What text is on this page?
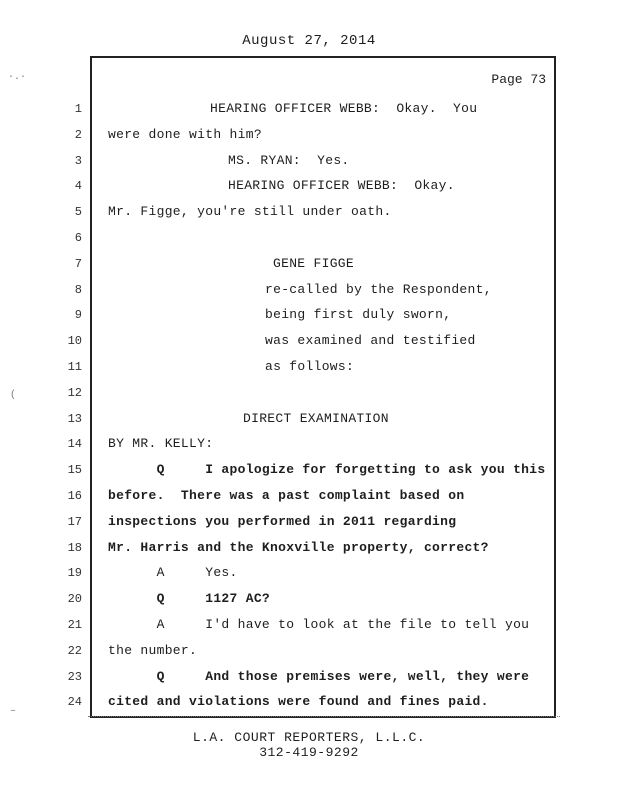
August 27, 2014
Page 73
1	HEARING OFFICER WEBB:  Okay.  You
2 were done with him?
3	MS. RYAN:  Yes.
4	HEARING OFFICER WEBB:  Okay.
5 Mr. Figge, you're still under oath.
6
7	GENE FIGGE
8	re-called by the Respondent,
9	being first duly sworn,
10	was examined and testified
11	as follows:
12
13	DIRECT EXAMINATION
14 BY MR. KELLY:
15 Q     I apologize for forgetting to ask you this
16 before.  There was a past complaint based on
17 inspections you performed in 2011 regarding
18 Mr. Harris and the Knoxville property, correct?
19 A     Yes.
20 Q     1127 AC?
21 A     I'd have to look at the file to tell you
22 the number.
23 Q     And those premises were, well, they were
24 cited and violations were found and fines paid.
L.A. COURT REPORTERS, L.L.C.
312-419-9292
·.·
(
–
